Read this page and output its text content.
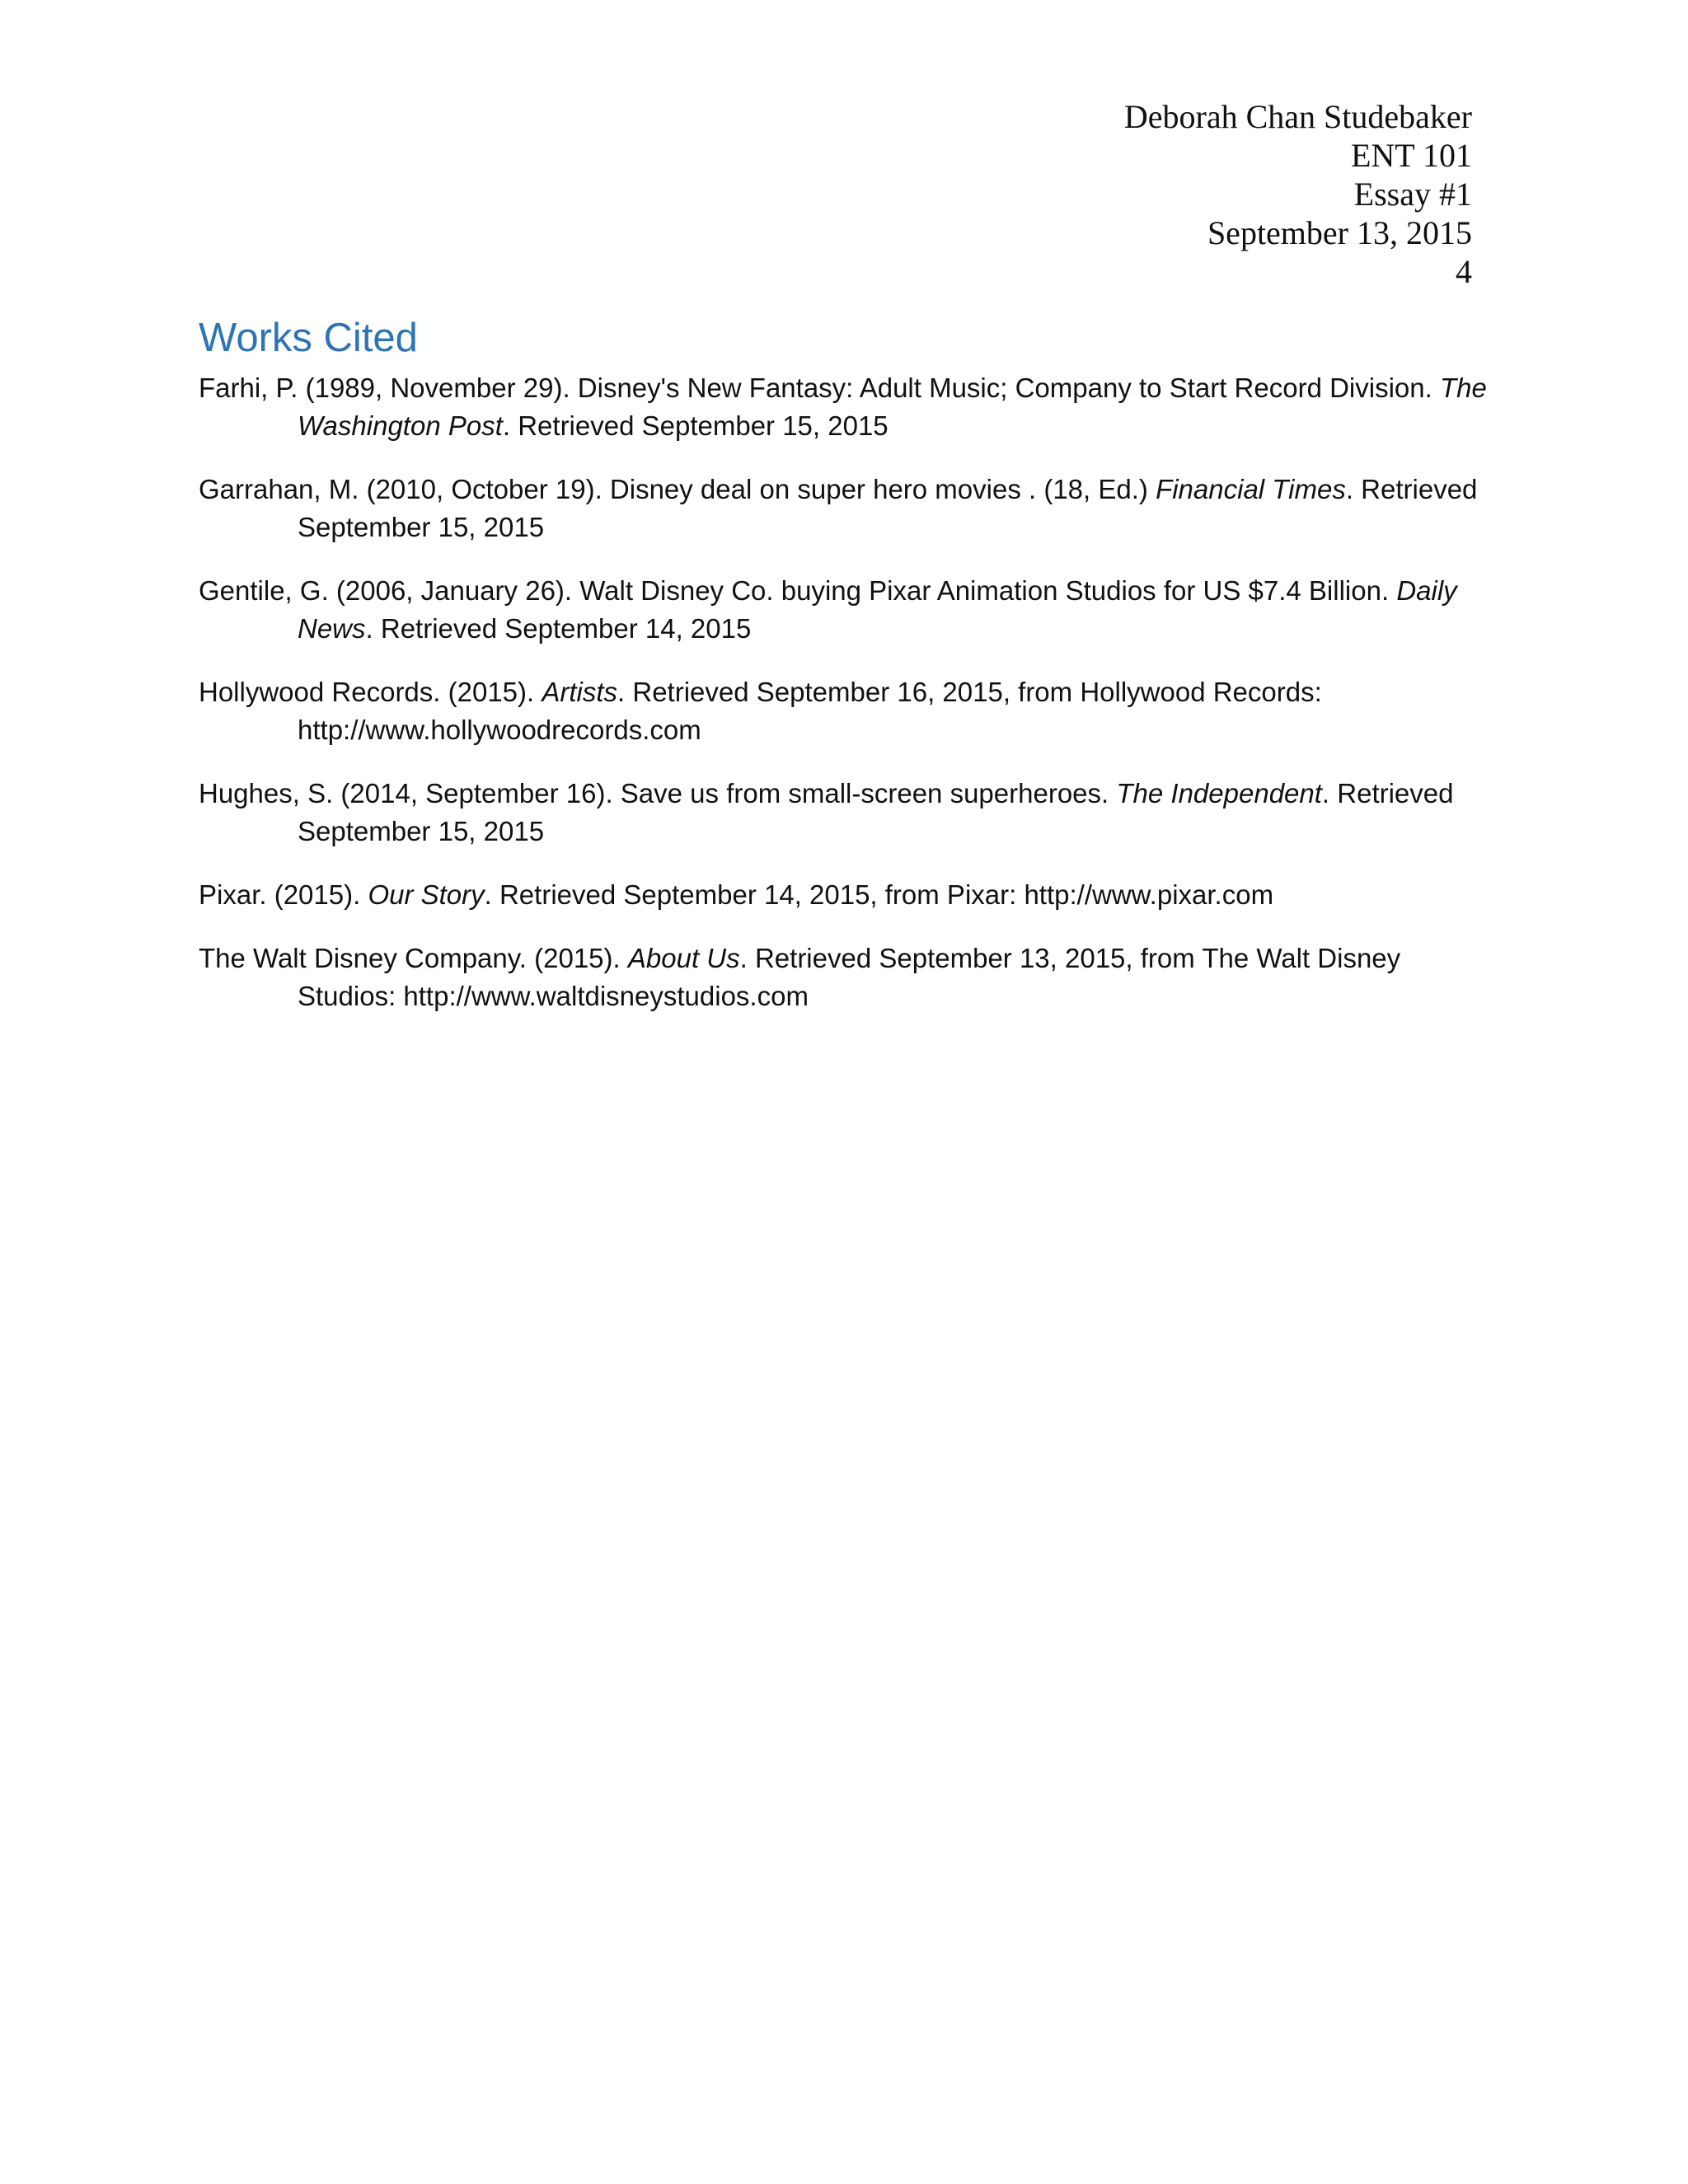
Deborah Chan Studebaker
ENT 101
Essay #1
September 13, 2015
4
Works Cited
Farhi, P. (1989, November 29). Disney's New Fantasy: Adult Music; Company to Start Record Division. The Washington Post. Retrieved September 15, 2015
Garrahan, M. (2010, October 19). Disney deal on super hero movies . (18, Ed.) Financial Times. Retrieved September 15, 2015
Gentile, G. (2006, January 26). Walt Disney Co. buying Pixar Animation Studios for US $7.4 Billion. Daily News. Retrieved September 14, 2015
Hollywood Records. (2015). Artists. Retrieved September 16, 2015, from Hollywood Records: http://www.hollywoodrecords.com
Hughes, S. (2014, September 16). Save us from small-screen superheroes. The Independent. Retrieved September 15, 2015
Pixar. (2015). Our Story. Retrieved September 14, 2015, from Pixar: http://www.pixar.com
The Walt Disney Company. (2015). About Us. Retrieved September 13, 2015, from The Walt Disney Studios: http://www.waltdisneystudios.com
